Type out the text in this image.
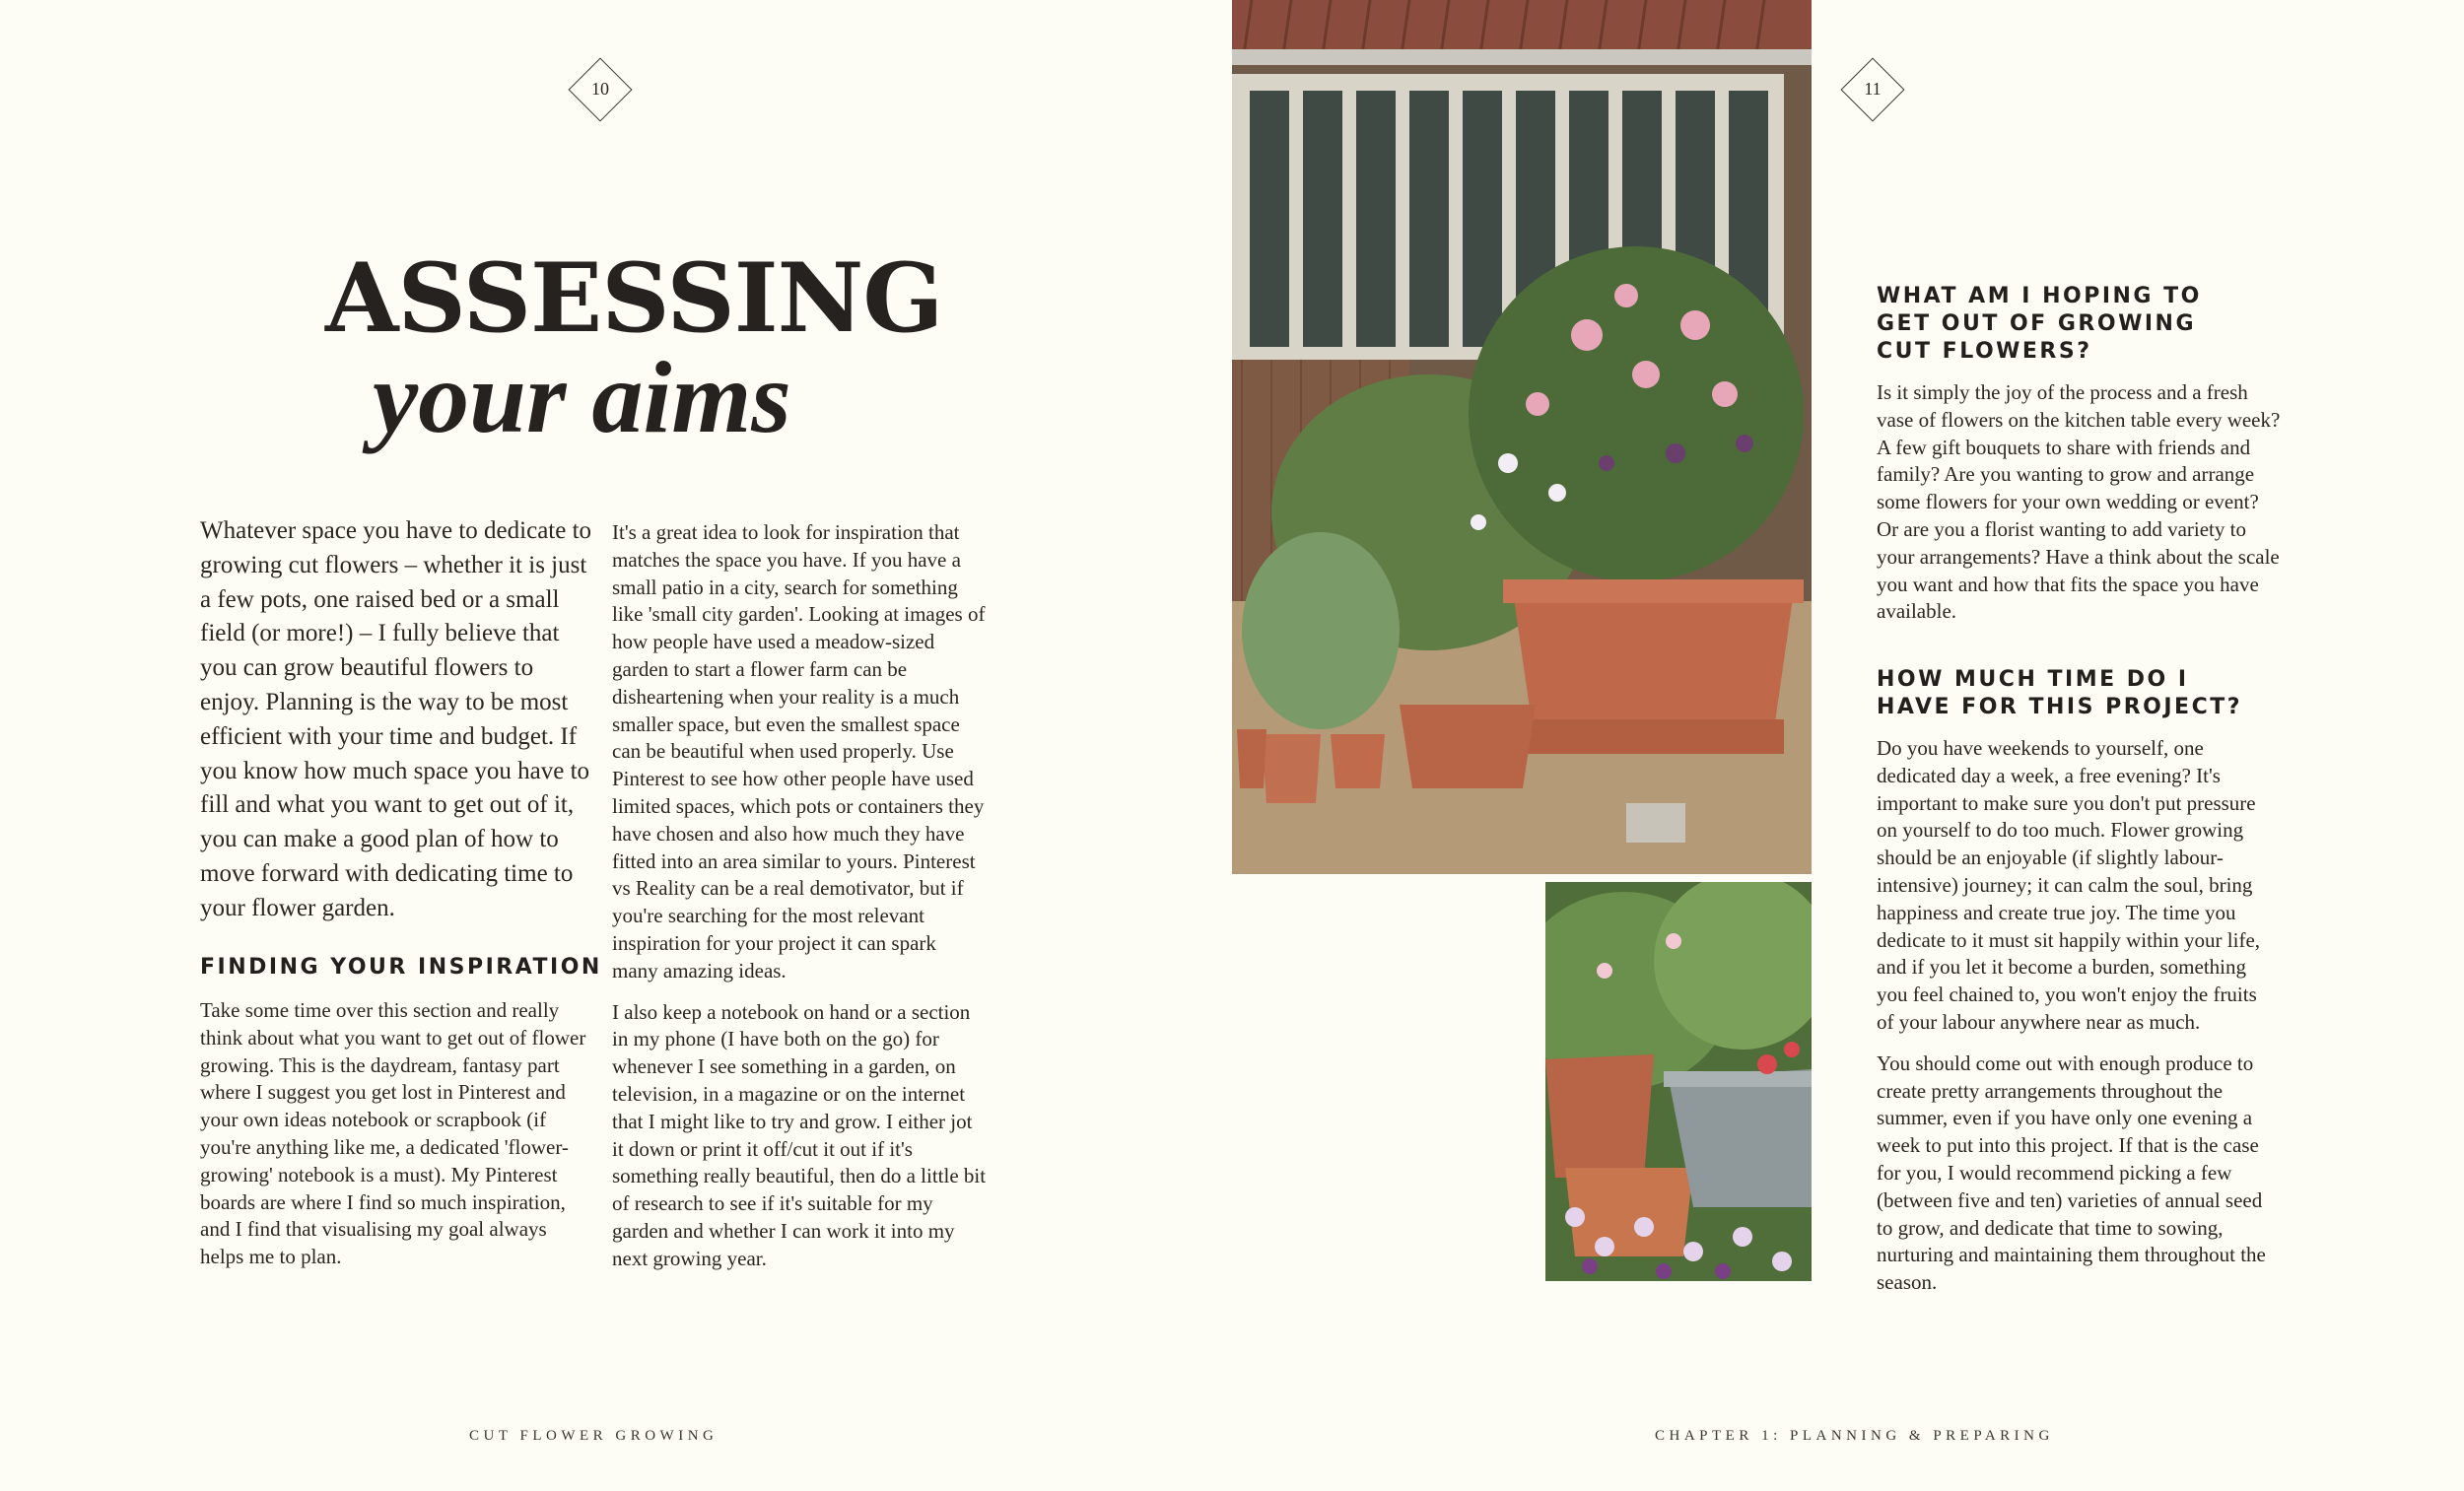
10
ASSESSING
your aims
Whatever space you have to dedicate to growing cut flowers – whether it is just a few pots, one raised bed or a small field (or more!) – I fully believe that you can grow beautiful flowers to enjoy. Planning is the way to be most efficient with your time and budget. If you know how much space you have to fill and what you want to get out of it, you can make a good plan of how to move forward with dedicating time to your flower garden.
FINDING YOUR INSPIRATION

Take some time over this section and really think about what you want to get out of flower growing. This is the daydream, fantasy part where I suggest you get lost in Pinterest and your own ideas notebook or scrapbook (if you're anything like me, a dedicated 'flower-growing' notebook is a must). My Pinterest boards are where I find so much inspiration, and I find that visualising my goal always helps me to plan.

It's a great idea to look for inspiration that matches the space you have. If you have a small patio in a city, search for something like 'small city garden'. Looking at images of how people have used a meadow-sized garden to start a flower farm can be disheartening when your reality is a much smaller space, but even the smallest space can be beautiful when used properly. Use Pinterest to see how other people have used limited spaces, which pots or containers they have chosen and also how much they have fitted into an area similar to yours. Pinterest vs Reality can be a real demotivator, but if you're searching for the most relevant inspiration for your project it can spark many amazing ideas.

I also keep a notebook on hand or a section in my phone (I have both on the go) for whenever I see something in a garden, on television, in a magazine or on the internet that I might like to try and grow. I either jot it down or print it off/cut it out if it's something really beautiful, then do a little bit of research to see if it's suitable for my garden and whether I can work it into my next growing year.

CUT FLOWER GROWING
11
WHAT AM I HOPING TO GET OUT OF GROWING CUT FLOWERS?
Is it simply the joy of the process and a fresh vase of flowers on the kitchen table every week? A few gift bouquets to share with friends and family? Are you wanting to grow and arrange some flowers for your own wedding or event? Or are you a florist wanting to add variety to your arrangements? Have a think about the scale you want and how that fits the space you have available.
HOW MUCH TIME DO I HAVE FOR THIS PROJECT?

Do you have weekends to yourself, one dedicated day a week, a free evening? It's important to make sure you don't put pressure on yourself to do too much. Flower growing should be an enjoyable (if slightly labour-intensive) journey; it can calm the soul, bring happiness and create true joy. The time you dedicate to it must sit happily within your life, and if you let it become a burden, something you feel chained to, you won't enjoy the fruits of your labour anywhere near as much.

You should come out with enough produce to create pretty arrangements throughout the summer, even if you have only one evening a week to put into this project. If that is the case for you, I would recommend picking a few (between five and ten) varieties of annual seed to grow, and dedicate that time to sowing, nurturing and maintaining them throughout the season.

CHAPTER 1: PLANNING & PREPARING
